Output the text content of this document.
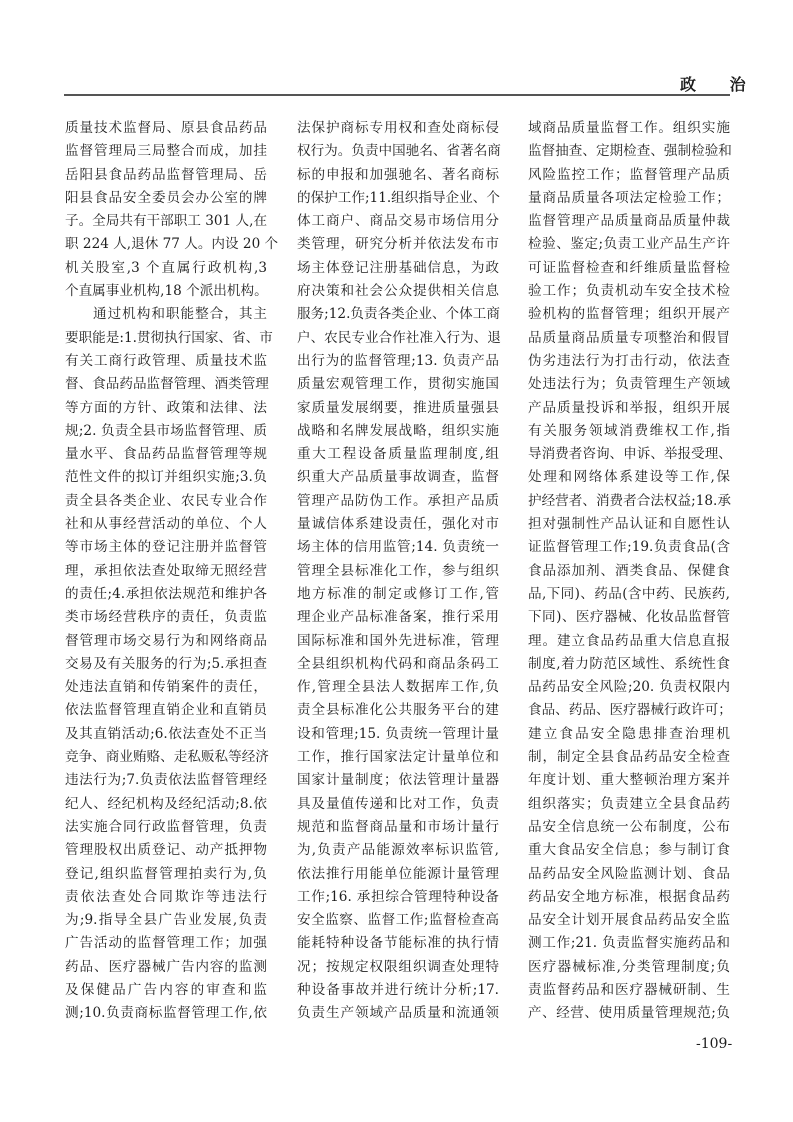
政 治
质量技术监督局、原县食品药品
监督管理局三局整合而成，加挂
岳阳县食品药品监督管理局、岳
阳县食品安全委员会办公室的牌
子。全局共有干部职工 301 人,在
职 224 人,退休 77 人。内设 20 个
机关股室,3 个直属行政机构,3
个直属事业机构,18 个派出机构。
通过机构和职能整合，其主
要职能是:1.贯彻执行国家、省、市
有关工商行政管理、质量技术监
督、食品药品监督管理、酒类管理
等方面的方针、政策和法律、法
规;2. 负责全县市场监督管理、质
量水平、食品药品监督管理等规
范性文件的拟订并组织实施;3.负
责全县各类企业、农民专业合作
社和从事经营活动的单位、个人
等市场主体的登记注册并监督管
理，承担依法查处取缔无照经营
的责任;4.承担依法规范和维护各
类市场经营秩序的责任，负责监
督管理市场交易行为和网络商品
交易及有关服务的行为;5.承担查
处违法直销和传销案件的责任，
依法监督管理直销企业和直销员
及其直销活动;6.依法查处不正当
竞争、商业贿赂、走私贩私等经济
违法行为;7.负责依法监督管理经
纪人、经纪机构及经纪活动;8.依
法实施合同行政监督管理，负责
管理股权出质登记、动产抵押物
登记,组织监督管理拍卖行为,负
责依法查处合同欺诈等违法行
为;9.指导全县广告业发展,负责
广告活动的监督管理工作；加强
药品、医疗器械广告内容的监测
及保健品广告内容的审查和监
测;10.负责商标监督管理工作,依
法保护商标专用权和查处商标侵
权行为。负责中国驰名、省著名商
标的申报和加强驰名、著名商标
的保护工作;11.组织指导企业、个
体工商户、商品交易市场信用分
类管理，研究分析并依法发布市
场主体登记注册基础信息，为政
府决策和社会公众提供相关信息
服务;12.负责各类企业、个体工商
户、农民专业合作社准入行为、退
出行为的监督管理;13. 负责产品
质量宏观管理工作，贯彻实施国
家质量发展纲要，推进质量强县
战略和名牌发展战略，组织实施
重大工程设备质量监理制度,组
织重大产品质量事故调查，监督
管理产品防伪工作。承担产品质
量诚信体系建设责任，强化对市
场主体的信用监管;14. 负责统一
管理全县标准化工作，参与组织
地方标准的制定或修订工作,管
理企业产品标准备案，推行采用
国际标准和国外先进标准，管理
全县组织机构代码和商品条码工
作,管理全县法人数据库工作,负
责全县标准化公共服务平台的建
设和管理;15. 负责统一管理计量
工作，推行国家法定计量单位和
国家计量制度；依法管理计量器
具及量值传递和比对工作，负责
规范和监督商品量和市场计量行
为,负责产品能源效率标识监管,
依法推行用能单位能源计量管理
工作;16. 承担综合管理特种设备
安全监察、监督工作;监督检查高
能耗特种设备节能标准的执行情
况；按规定权限组织调查处理特
种设备事故并进行统计分析;17.
负责生产领域产品质量和流通领
域商品质量监督工作。组织实施
监督抽查、定期检查、强制检验和
风险监控工作；监督管理产品质
量商品质量各项法定检验工作；
监督管理产品质量商品质量仲裁
检验、鉴定;负责工业产品生产许
可证监督检查和纤维质量监督检
验工作；负责机动车安全技术检
验机构的监督管理；组织开展产
品质量商品质量专项整治和假冒
伪劣违法行为打击行动，依法查
处违法行为；负责管理生产领域
产品质量投诉和举报，组织开展
有关服务领域消费维权工作,指
导消费者咨询、申诉、举报受理、
处理和网络体系建设等工作,保
护经营者、消费者合法权益;18.承
担对强制性产品认证和自愿性认
证监督管理工作;19.负责食品(含
食品添加剂、酒类食品、保健食
品,下同)、药品(含中药、民族药,
下同)、医疗器械、化妆品监督管
理。建立食品药品重大信息直报
制度,着力防范区域性、系统性食
品药品安全风险;20. 负责权限内
食品、药品、医疗器械行政许可；
建立食品安全隐患排查治理机
制，制定全县食品药品安全检查
年度计划、重大整顿治理方案并
组织落实；负责建立全县食品药
品安全信息统一公布制度，公布
重大食品安全信息；参与制订食
品药品安全风险监测计划、食品
药品安全地方标准，根据食品药
品安全计划开展食品药品安全监
测工作;21. 负责监督实施药品和
医疗器械标准,分类管理制度;负
责监督药品和医疗器械研制、生
产、经营、使用质量管理规范;负
-109-
